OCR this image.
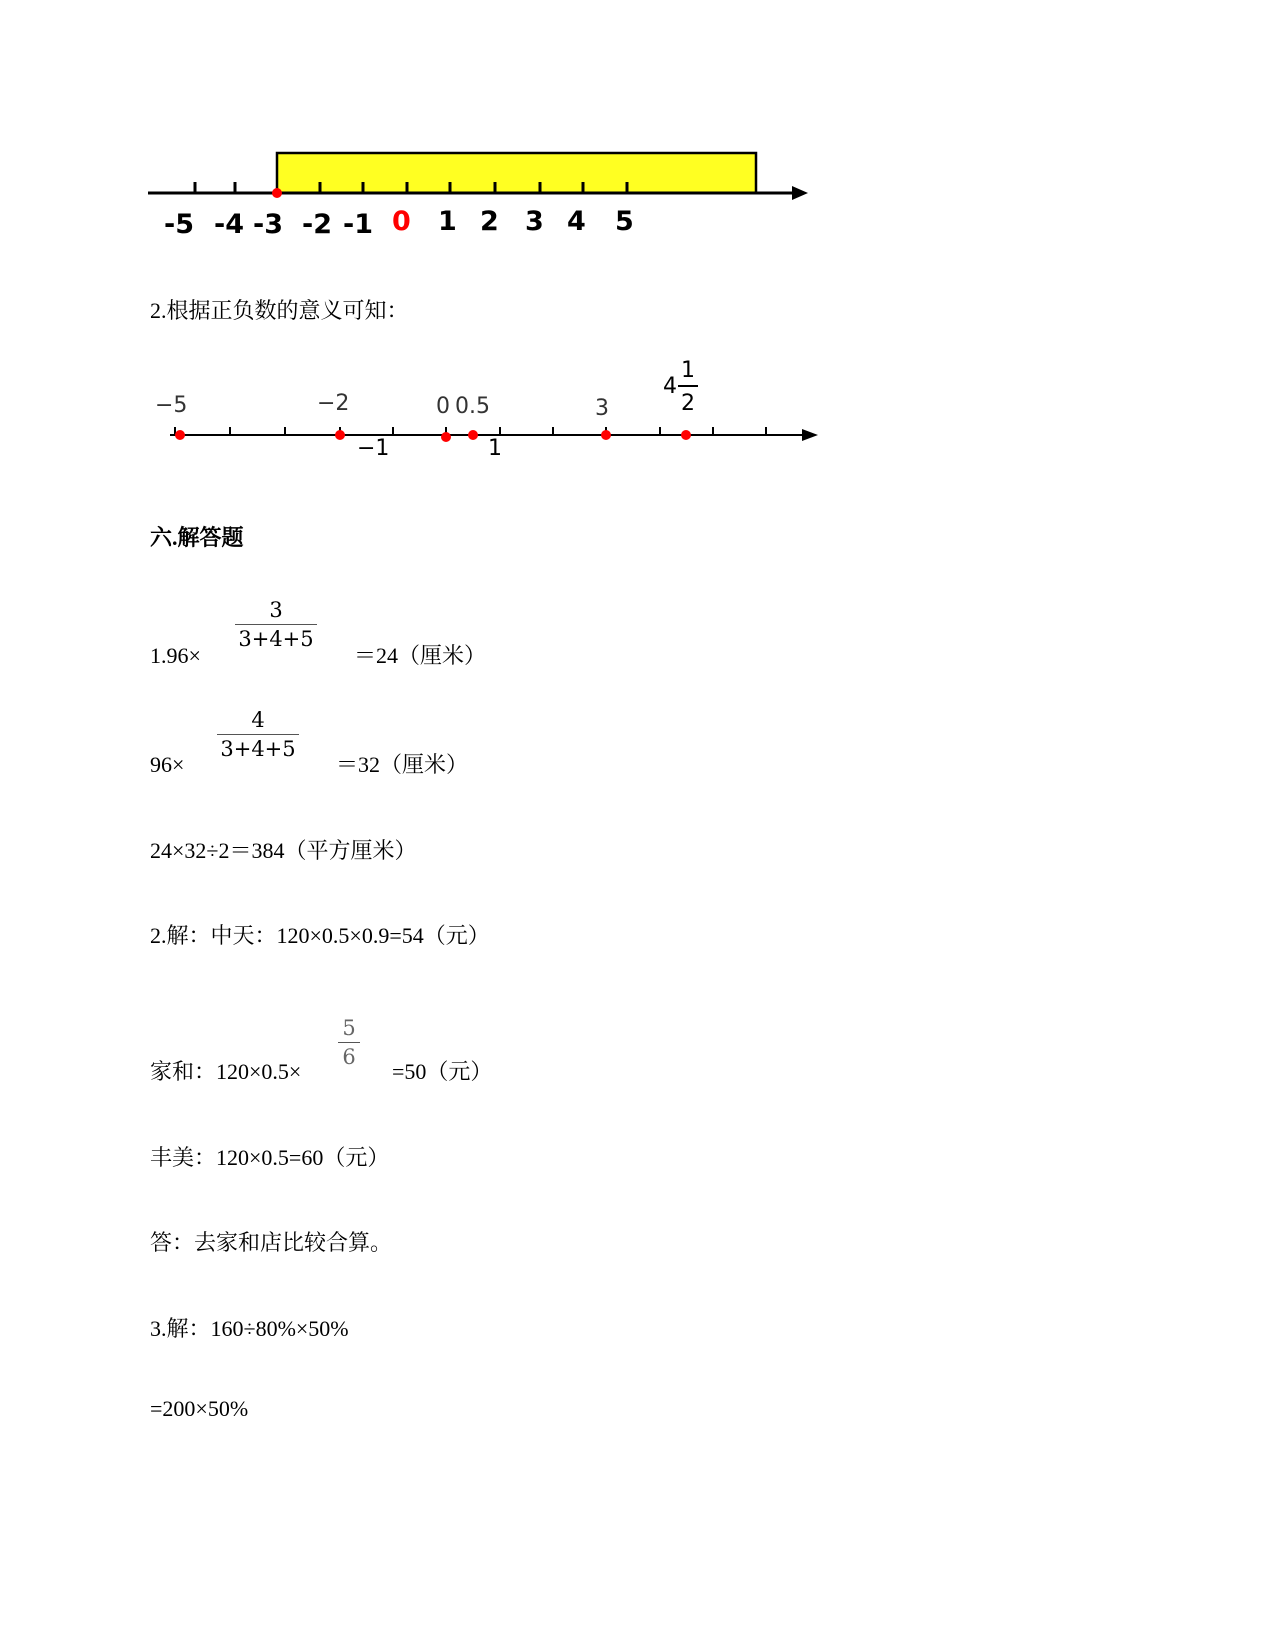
-5 -4 -3 -2 -1 0 1 2 3 4 5
2.根据正负数的意义可知：
−5	−2	0 0.5	3
−1	1
4
1
2
六.解答题
1.96×
3
3+4+5
＝24（厘米）
96×
4
3+4+5
＝32（厘米）
24×32÷2＝384（平方厘米）
2.解：中天：120×0.5×0.9=54（元）
家和：120×0.5×
5
6
=50（元）
丰美：120×0.5=60（元）
答：去家和店比较合算。
3.解：160÷80%×50%
=200×50%
